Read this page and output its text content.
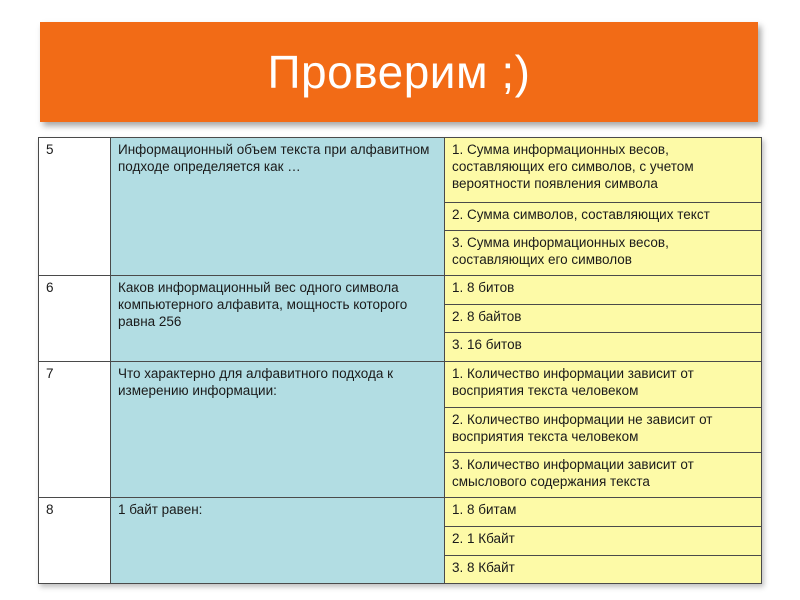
Проверим ;)
5	Информационный объем текста при алфавитном подходе определяется как …	1. Сумма информационных весов, составляющих его символов, с учетом вероятности появления символа
		2. Сумма символов, составляющих текст
		3. Сумма информационных весов, составляющих его символов
6	Каков информационный вес одного символа компьютерного алфавита, мощность которого равна 256	1. 8 битов
		2. 8 байтов
		3. 16 битов
7	Что характерно для алфавитного подхода к измерению информации:	1. Количество информации зависит от восприятия текста человеком
		2. Количество информации не зависит от восприятия текста человеком
		3. Количество информации зависит от смыслового содержания текста
8	1 байт равен:	1. 8 битам
		2. 1 Кбайт
		3. 8 Кбайт
